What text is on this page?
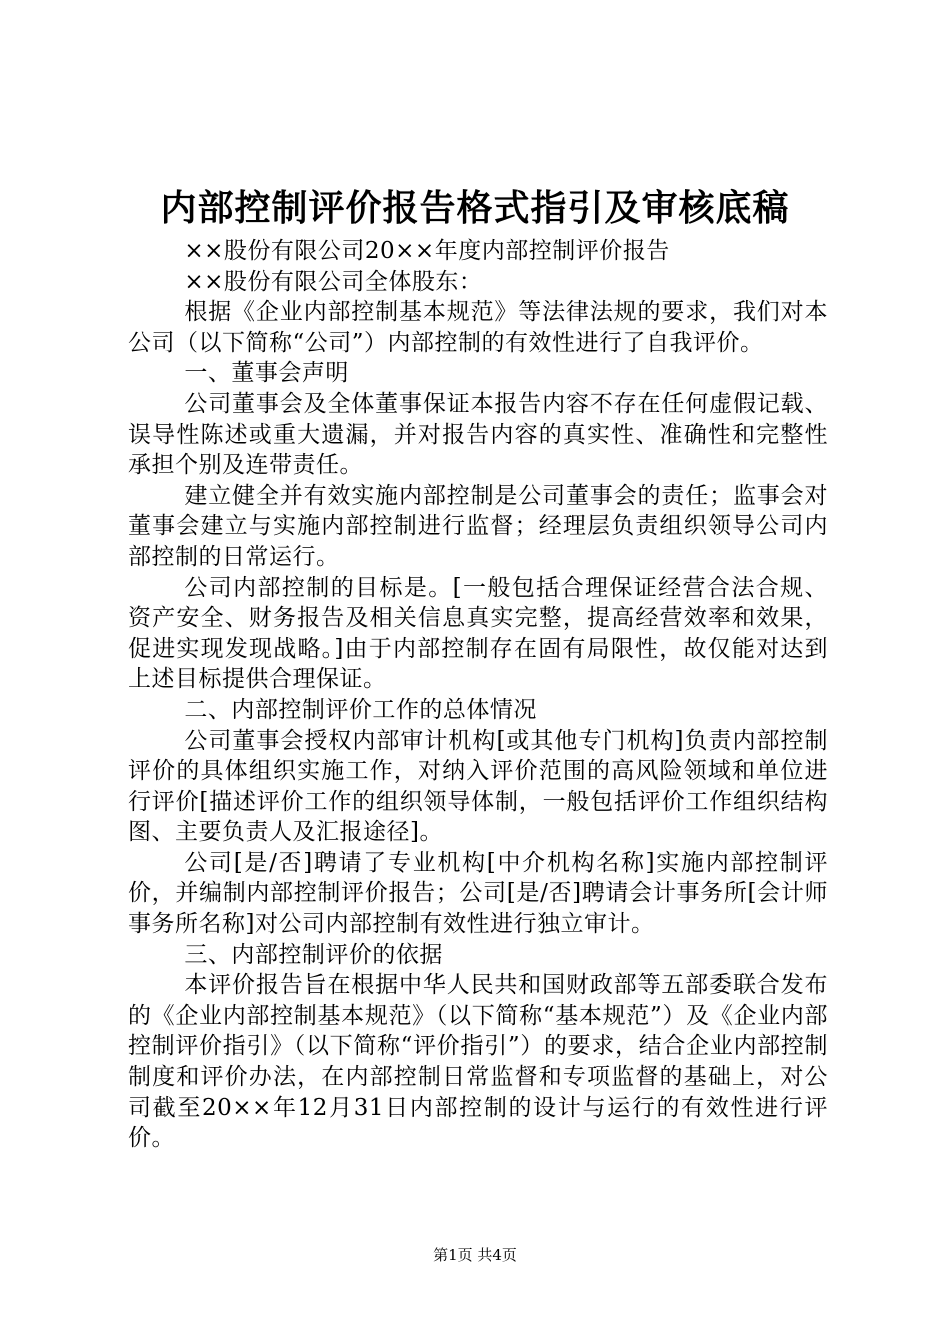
内部控制评价报告格式指引及审核底稿

××股份有限公司20××年度内部控制评价报告

××股份有限公司全体股东：

根据《企业内部控制基本规范》等法律法规的要求，我们对本公司（以下简称“公司”）内部控制的有效性进行了自我评价。

一、董事会声明

公司董事会及全体董事保证本报告内容不存在任何虚假记载、误导性陈述或重大遗漏，并对报告内容的真实性、准确性和完整性承担个别及连带责任。

建立健全并有效实施内部控制是公司董事会的责任；监事会对董事会建立与实施内部控制进行监督；经理层负责组织领导公司内部控制的日常运行。

公司内部控制的目标是。[一般包括合理保证经营合法合规、资产安全、财务报告及相关信息真实完整，提高经营效率和效果，促进实现发现战略。]由于内部控制存在固有局限性，故仅能对达到上述目标提供合理保证。

二、内部控制评价工作的总体情况

公司董事会授权内部审计机构[或其他专门机构]负责内部控制评价的具体组织实施工作，对纳入评价范围的高风险领域和单位进行评价[描述评价工作的组织领导体制，一般包括评价工作组织结构图、主要负责人及汇报途径]。

公司[是/否]聘请了专业机构[中介机构名称]实施内部控制评价，并编制内部控制评价报告；公司[是/否]聘请会计事务所[会计师事务所名称]对公司内部控制有效性进行独立审计。

三、内部控制评价的依据

本评价报告旨在根据中华人民共和国财政部等五部委联合发布的《企业内部控制基本规范》（以下简称“基本规范”）及《企业内部控制评价指引》（以下简称“评价指引”）的要求，结合企业内部控制制度和评价办法，在内部控制日常监督和专项监督的基础上，对公司截至20××年12月31日内部控制的设计与运行的有效性进行评价。

第1页 共4页
